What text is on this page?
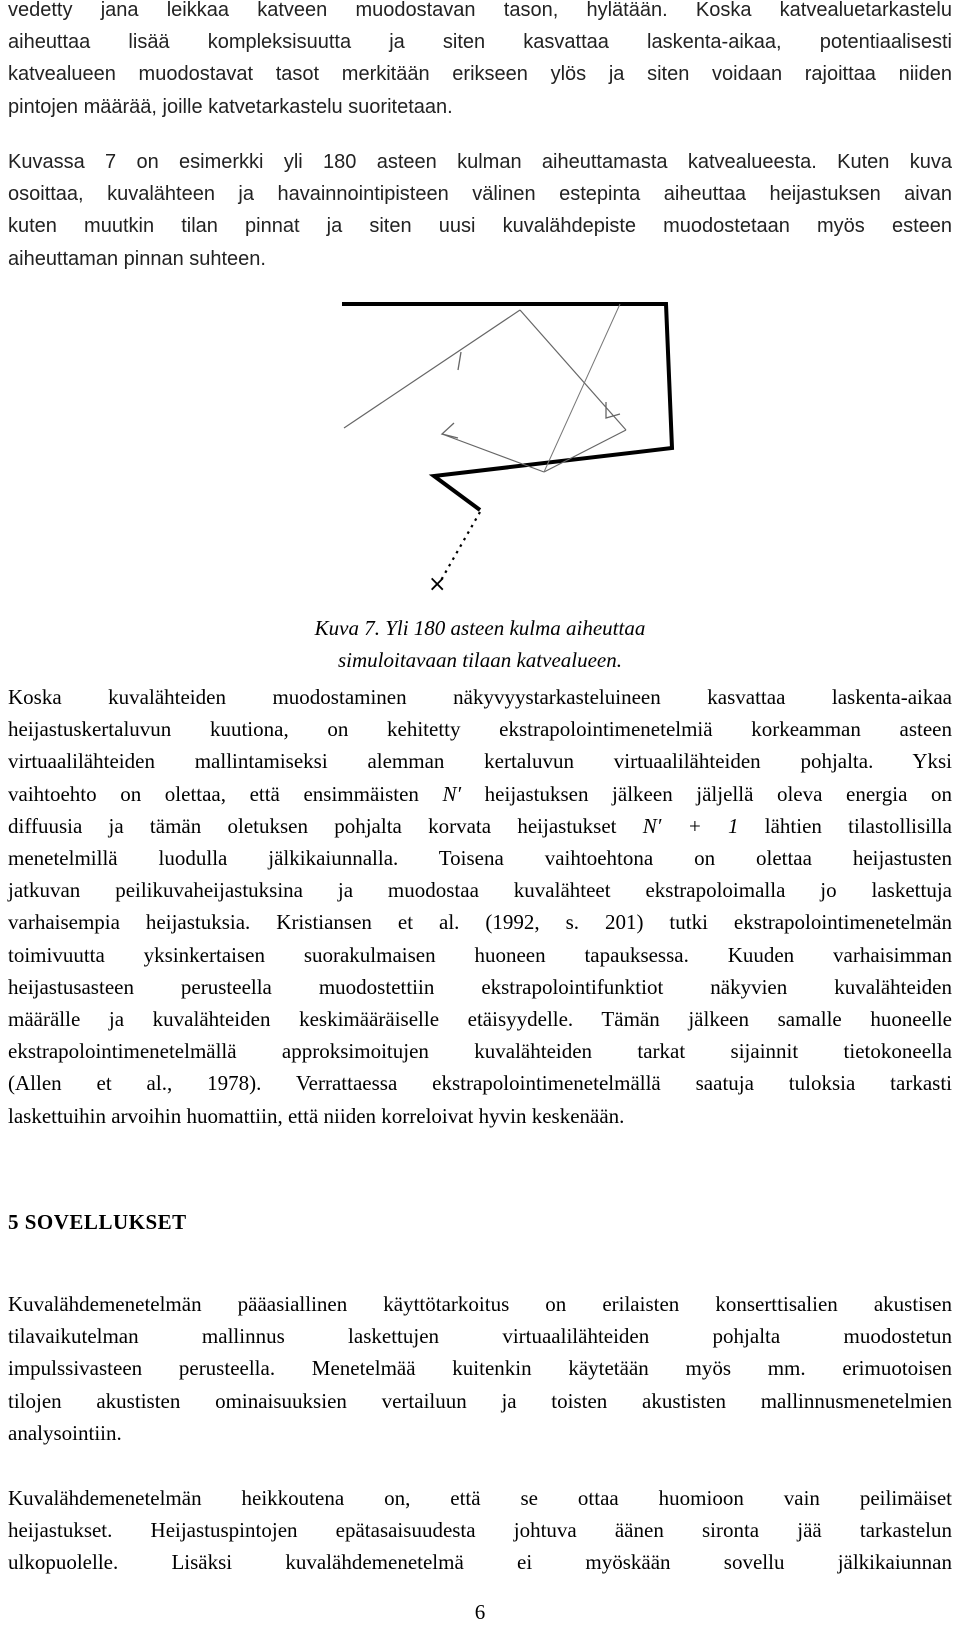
vedetty jana leikkaa katveen muodostavan tason, hylätään. Koska katvealuetarkastelu
aiheuttaa lisää kompleksisuutta ja siten kasvattaa laskenta-aikaa, potentiaalisesti
katvealueen muodostavat tasot merkitään erikseen ylös ja siten voidaan rajoittaa niiden
pintojen määrää, joille katvetarkastelu suoritetaan.
Kuvassa 7 on esimerkki yli 180 asteen kulman aiheuttamasta katvealueesta. Kuten kuva
osoittaa, kuvalähteen ja havainnointipisteen välinen estepinta aiheuttaa heijastuksen aivan
kuten muutkin tilan pinnat ja siten uusi kuvalähdepiste muodostetaan myös esteen
aiheuttaman pinnan suhteen.
×

Kuva 7. Yli 180 asteen kulma aiheuttaa

simuloitavaan tilaan katvealueen.

Koska kuvalähteiden muodostaminen näkyvyystarkasteluineen kasvattaa laskenta-aikaa
heijastuskertaluvun kuutiona, on kehitetty ekstrapolointimenetelmiä korkeamman asteen
virtuaalilähteiden mallintamiseksi alemman kertaluvun virtuaalilähteiden pohjalta. Yksi
vaihtoehto on olettaa, että ensimmäisten N′ heijastuksen jälkeen jäljellä oleva energia on
diffuusia ja tämän oletuksen pohjalta korvata heijastukset N′ + 1 lähtien tilastollisilla
menetelmillä luodulla jälkikaiunnalla. Toisena vaihtoehtona on olettaa heijastusten
jatkuvan peilikuvaheijastuksina ja muodostaa kuvalähteet ekstrapoloimalla jo laskettuja
varhaisempia heijastuksia. Kristiansen et al. (1992, s. 201) tutki ekstrapolointimenetelmän
toimivuutta yksinkertaisen suorakulmaisen huoneen tapauksessa. Kuuden varhaisimman
heijastusasteen perusteella muodostettiin ekstrapolointifunktiot näkyvien kuvalähteiden
määrälle ja kuvalähteiden keskimääräiselle etäisyydelle. Tämän jälkeen samalle huoneelle
ekstrapolointimenetelmällä approksimoitujen kuvalähteiden tarkat sijainnit tietokoneella
(Allen et al., 1978). Verrattaessa ekstrapolointimenetelmällä saatuja tuloksia tarkasti
laskettuihin arvoihin huomattiin, että niiden korreloivat hyvin keskenään.
5 SOVELLUKSET
Kuvalähdemenetelmän pääasiallinen käyttötarkoitus on erilaisten konserttisalien akustisen
tilavaikutelman mallinnus laskettujen virtuaalilähteiden pohjalta muodostetun
impulssivasteen perusteella. Menetelmää kuitenkin käytetään myös mm. erimuotoisen
tilojen akustisten ominaisuuksien vertailuun ja toisten akustisten mallinnusmenetelmien
analysointiin.
Kuvalähdemenetelmän heikkoutena on, että se ottaa huomioon vain peilimäiset
heijastukset. Heijastuspintojen epätasaisuudesta johtuva äänen sironta jää tarkastelun
ulkopuolelle. Lisäksi kuvalähdemenetelmä ei myöskään sovellu jälkikaiunnan
6
